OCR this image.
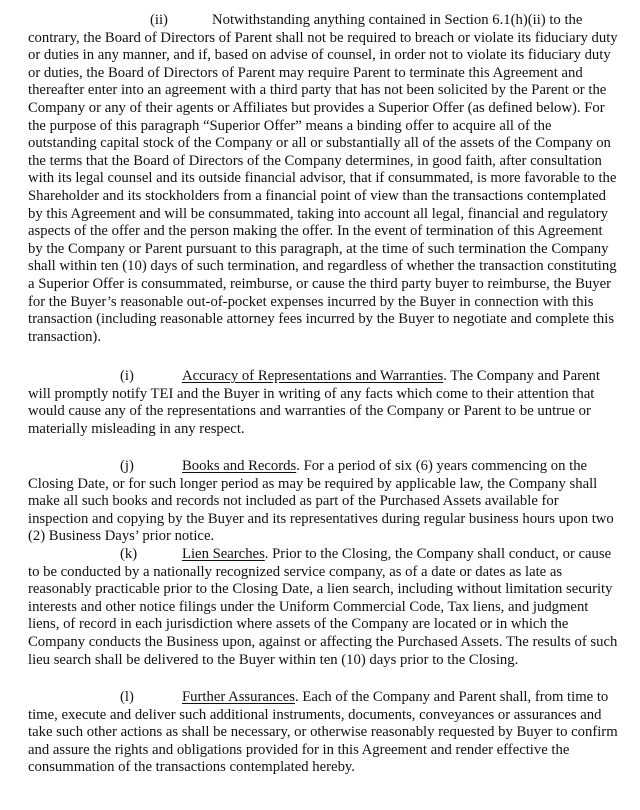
(ii)	Notwithstanding anything contained in Section 6.1(h)(ii) to the contrary, the Board of Directors of Parent shall not be required to breach or violate its fiduciary duty or duties in any manner, and if, based on advise of counsel, in order not to violate its fiduciary duty or duties, the Board of Directors of Parent may require Parent to terminate this Agreement and thereafter enter into an agreement with a third party that has not been solicited by the Parent or the Company or any of their agents or Affiliates but provides a Superior Offer (as defined below). For the purpose of this paragraph “Superior Offer” means a binding offer to acquire all of the outstanding capital stock of the Company or all or substantially all of the assets of the Company on the terms that the Board of Directors of the Company determines, in good faith, after consultation with its legal counsel and its outside financial advisor, that if consummated, is more favorable to the Shareholder and its stockholders from a financial point of view than the transactions contemplated by this Agreement and will be consummated, taking into account all legal, financial and regulatory aspects of the offer and the person making the offer. In the event of termination of this Agreement by the Company or Parent pursuant to this paragraph, at the time of such termination the Company shall within ten (10) days of such termination, and regardless of whether the transaction constituting a Superior Offer is consummated, reimburse, or cause the third party buyer to reimburse, the Buyer for the Buyer’s reasonable out-of-pocket expenses incurred by the Buyer in connection with this transaction (including reasonable attorney fees incurred by the Buyer to negotiate and complete this transaction).

(i)	Accuracy of Representations and Warranties. The Company and Parent will promptly notify TEI and the Buyer in writing of any facts which come to their attention that would cause any of the representations and warranties of the Company or Parent to be untrue or materially misleading in any respect.

(j)	Books and Records. For a period of six (6) years commencing on the Closing Date, or for such longer period as may be required by applicable law, the Company shall make all such books and records not included as part of the Purchased Assets available for inspection and copying by the Buyer and its representatives during regular business hours upon two (2) Business Days’ prior notice.

(k)	Lien Searches. Prior to the Closing, the Company shall conduct, or cause to be conducted by a nationally recognized service company, as of a date or dates as late as reasonably practicable prior to the Closing Date, a lien search, including without limitation security interests and other notice filings under the Uniform Commercial Code, Tax liens, and judgment liens, of record in each jurisdiction where assets of the Company are located or in which the Company conducts the Business upon, against or affecting the Purchased Assets. The results of such lieu search shall be delivered to the Buyer within ten (10) days prior to the Closing.

(l)	Further Assurances. Each of the Company and Parent shall, from time to time, execute and deliver such additional instruments, documents, conveyances or assurances and take such other actions as shall be necessary, or otherwise reasonably requested by Buyer to confirm and assure the rights and obligations provided for in this Agreement and render effective the consummation of the transactions contemplated hereby.
